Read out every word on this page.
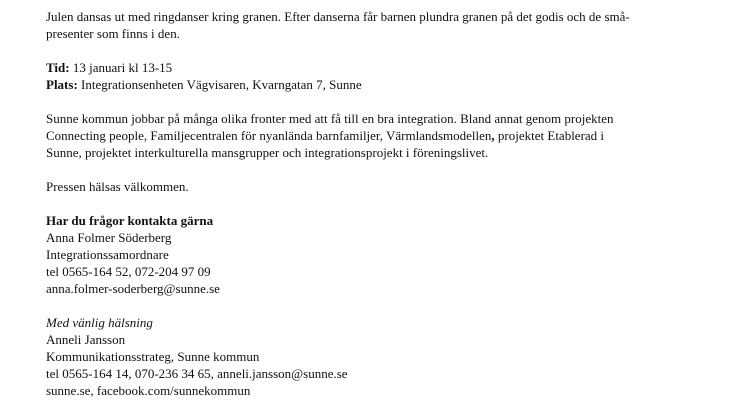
Julen dansas ut med ringdanser kring granen. Efter danserna får barnen plundra granen på det godis och de små-
presenter som finns i den.

Tid: 13 januari kl 13-15
Plats: Integrationsenheten Vägvisaren, Kvarngatan 7, Sunne

Sunne kommun jobbar på många olika fronter med att få till en bra integration. Bland annat genom projekten
Connecting people, Familjecentralen för nyanlända barnfamiljer, Värmlandsmodellen, projektet Etablerad i
Sunne, projektet interkulturella mansgrupper och integrationsprojekt i föreningslivet.

Pressen hälsas välkommen.

Har du frågor kontakta gärna
Anna Folmer Söderberg
Integrationssamordnare
tel 0565-164 52, 072-204 97 09
anna.folmer-soderberg@sunne.se

Med vänlig hälsning
Anneli Jansson
Kommunikationsstrateg, Sunne kommun
tel 0565-164 14, 070-236 34 65, anneli.jansson@sunne.se
sunne.se, facebook.com/sunnekommun
